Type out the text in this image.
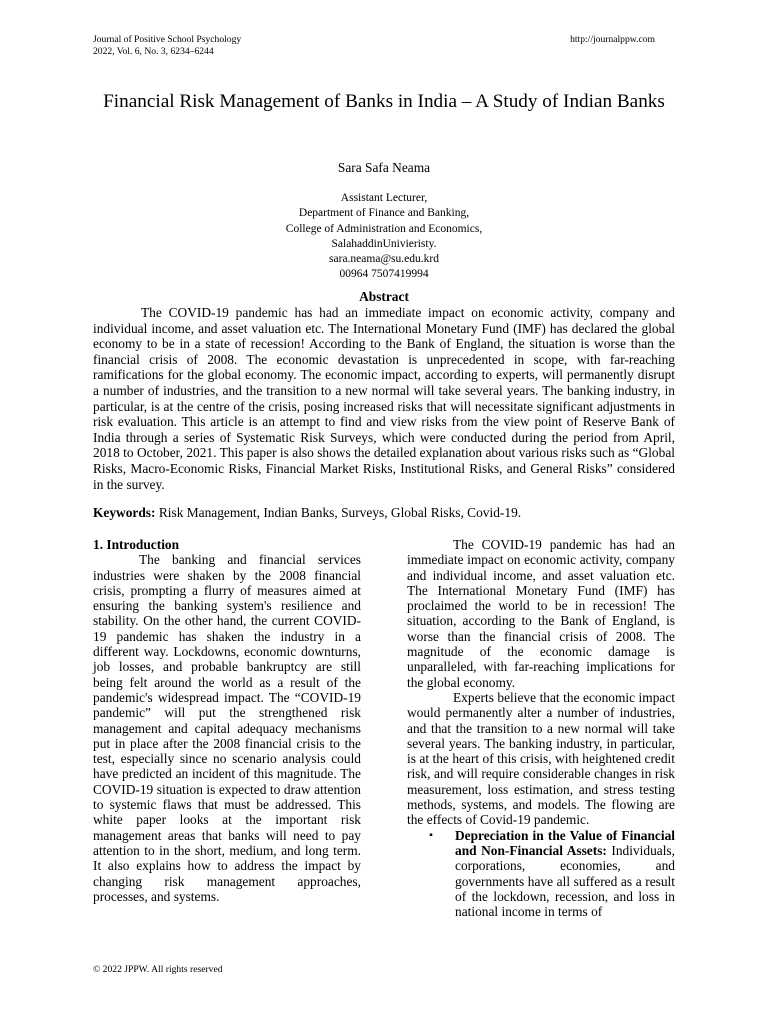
Journal of Positive School Psychology
2022, Vol. 6, No. 3, 6234–6244
http://journalppw.com
Financial Risk Management of Banks in India – A Study of Indian Banks
Sara Safa Neama
Assistant Lecturer,
Department of Finance and Banking,
College of Administration and Economics,
SalahaddinUnivieristy.
sara.neama@su.edu.krd
00964 7507419994
Abstract

The COVID-19 pandemic has had an immediate impact on economic activity, company and individual income, and asset valuation etc. The International Monetary Fund (IMF) has declared the global economy to be in a state of recession! According to the Bank of England, the situation is worse than the financial crisis of 2008. The economic devastation is unprecedented in scope, with far-reaching ramifications for the global economy. The economic impact, according to experts, will permanently disrupt a number of industries, and the transition to a new normal will take several years. The banking industry, in particular, is at the centre of the crisis, posing increased risks that will necessitate significant adjustments in risk evaluation. This article is an attempt to find and view risks from the view point of Reserve Bank of India through a series of Systematic Risk Surveys, which were conducted during the period from April, 2018 to October, 2021. This paper is also shows the detailed explanation about various risks such as “Global Risks, Macro-Economic Risks, Financial Market Risks, Institutional Risks, and General Risks” considered in the survey.

Keywords: Risk Management, Indian Banks, Surveys, Global Risks, Covid-19.

1. Introduction

The banking and financial services industries were shaken by the 2008 financial crisis, prompting a flurry of measures aimed at ensuring the banking system's resilience and stability. On the other hand, the current COVID-19 pandemic has shaken the industry in a different way. Lockdowns, economic downturns, job losses, and probable bankruptcy are still being felt around the world as a result of the pandemic's widespread impact. The “COVID-19 pandemic” will put the strengthened risk management and capital adequacy mechanisms put in place after the 2008 financial crisis to the test, especially since no scenario analysis could have predicted an incident of this magnitude. The COVID-19 situation is expected to draw attention to systemic flaws that must be addressed. This white paper looks at the important risk management areas that banks will need to pay attention to in the short, medium, and long term. It also explains how to address the impact by changing risk management approaches, processes, and systems.

The COVID-19 pandemic has had an immediate impact on economic activity, company and individual income, and asset valuation etc. The International Monetary Fund (IMF) has proclaimed the world to be in recession! The situation, according to the Bank of England, is worse than the financial crisis of 2008. The magnitude of the economic damage is unparalleled, with far-reaching implications for the global economy.

Experts believe that the economic impact would permanently alter a number of industries, and that the transition to a new normal will take several years. The banking industry, in particular, is at the heart of this crisis, with heightened credit risk, and will require considerable changes in risk measurement, loss estimation, and stress testing methods, systems, and models. The flowing are the effects of Covid-19 pandemic.

▪	Depreciation in the Value of Financial and Non-Financial Assets: Individuals, corporations, economies, and governments have all suffered as a result of the lockdown, recession, and loss in national income in terms of
© 2022 JPPW. All rights reserved
